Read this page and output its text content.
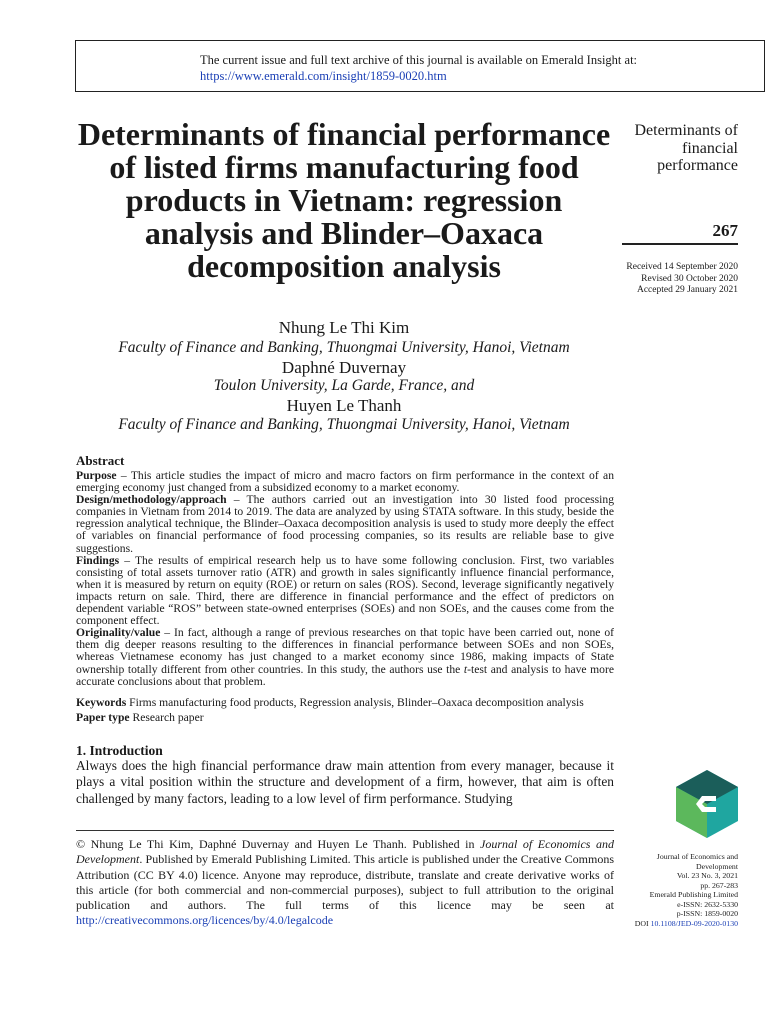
The current issue and full text archive of this journal is available on Emerald Insight at:
https://www.emerald.com/insight/1859-0020.htm
Determinants of financial performance of listed firms manufacturing food products in Vietnam: regression analysis and Blinder–Oaxaca decomposition analysis
Nhung Le Thi Kim
Faculty of Finance and Banking, Thuongmai University, Hanoi, Vietnam
Daphné Duvernay
Toulon University, La Garde, France, and
Huyen Le Thanh
Faculty of Finance and Banking, Thuongmai University, Hanoi, Vietnam
Determinants of financial performance
267
Received 14 September 2020
Revised 30 October 2020
Accepted 29 January 2021
Abstract

Purpose – This article studies the impact of micro and macro factors on firm performance in the context of an emerging economy just changed from a subsidized economy to a market economy.

Design/methodology/approach – The authors carried out an investigation into 30 listed food processing companies in Vietnam from 2014 to 2019. The data are analyzed by using STATA software. In this study, beside the regression analytical technique, the Blinder–Oaxaca decomposition analysis is used to study more deeply the effect of variables on financial performance of food processing companies, so its results are reliable base to give suggestions.

Findings – The results of empirical research help us to have some following conclusion. First, two variables consisting of total assets turnover ratio (ATR) and growth in sales significantly influence financial performance, when it is measured by return on equity (ROE) or return on sales (ROS). Second, leverage significantly negatively impacts return on sale. Third, there are difference in financial performance and the effect of predictors on dependent variable “ROS” between state-owned enterprises (SOEs) and non SOEs, and the causes come from the component effect.

Originality/value – In fact, although a range of previous researches on that topic have been carried out, none of them dig deeper reasons resulting to the differences in financial performance between SOEs and non SOEs, whereas Vietnamese economy has just changed to a market economy since 1986, making impacts of State ownership totally different from other countries. In this study, the authors use the t-test and analysis to have more accurate conclusions about that problem.

Keywords Firms manufacturing food products, Regression analysis, Blinder–Oaxaca decomposition analysis
Paper type Research paper
1. Introduction
Always does the high financial performance draw main attention from every manager, because it plays a vital position within the structure and development of a firm, however, that aim is often challenged by many factors, leading to a low level of firm performance. Studying
© Nhung Le Thi Kim, Daphné Duvernay and Huyen Le Thanh. Published in Journal of Economics and Development. Published by Emerald Publishing Limited. This article is published under the Creative Commons Attribution (CC BY 4.0) licence. Anyone may reproduce, distribute, translate and create derivative works of this article (for both commercial and non-commercial purposes), subject to full attribution to the original publication and authors. The full terms of this licence may be seen at http://creativecommons.org/licences/by/4.0/legalcode
Journal of Economics and
Development
Vol. 23 No. 3, 2021
pp. 267-283
Emerald Publishing Limited
e-ISSN: 2632-5330
p-ISSN: 1859-0020
DOI 10.1108/JED-09-2020-0130
